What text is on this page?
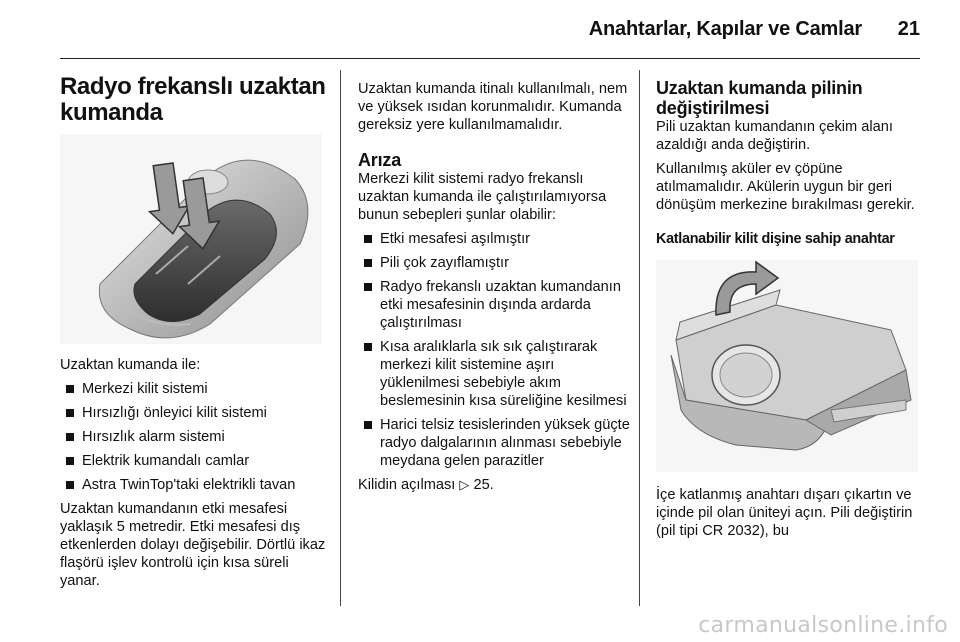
Anahtarlar, Kapılar ve Camlar 21
Radyo frekanslı uzaktan kumanda

Uzaktan kumanda ile:

Merkezi kilit sistemi
Hırsızlığı önleyici kilit sistemi
Hırsızlık alarm sistemi
Elektrik kumandalı camlar
Astra TwinTop'taki elektrikli tavan

Uzaktan kumandanın etki mesafesi yaklaşık 5 metredir. Etki mesafesi dış etkenlerden dolayı değişebilir. Dörtlü ikaz flaşörü işlev kontrolü için kısa süreli yanar.

Uzaktan kumanda itinalı kullanılmalı, nem ve yüksek ısıdan korunmalıdır. Kumanda gereksiz yere kullanılmamalıdır.

Arıza

Merkezi kilit sistemi radyo frekanslı uzaktan kumanda ile çalıştırılamıyorsa bunun sebepleri şunlar olabilir:

Etki mesafesi aşılmıştır
Pili çok zayıflamıştır
Radyo frekanslı uzaktan kumandanın etki mesafesinin dışında ardarda çalıştırılması
Kısa aralıklarla sık sık çalıştırarak merkezi kilit sistemine aşırı yüklenilmesi sebebiyle akım beslemesinin kısa süreliğine kesilmesi
Harici telsiz tesislerinden yüksek güçte radyo dalgalarının alınması sebebiyle meydana gelen parazitler

Kilidin açılması ▷ 25.

Uzaktan kumanda pilinin değiştirilmesi

Pili uzaktan kumandanın çekim alanı azaldığı anda değiştirin.

Kullanılmış aküler ev çöpüne atılmamalıdır. Akülerin uygun bir geri dönüşüm merkezine bırakılması gerekir.

Katlanabilir kilit dişine sahip anahtar

İçe katlanmış anahtarı dışarı çıkartın ve içinde pil olan üniteyi açın. Pili değiştirin (pil tipi CR 2032), bu

carmanualsonline.info
